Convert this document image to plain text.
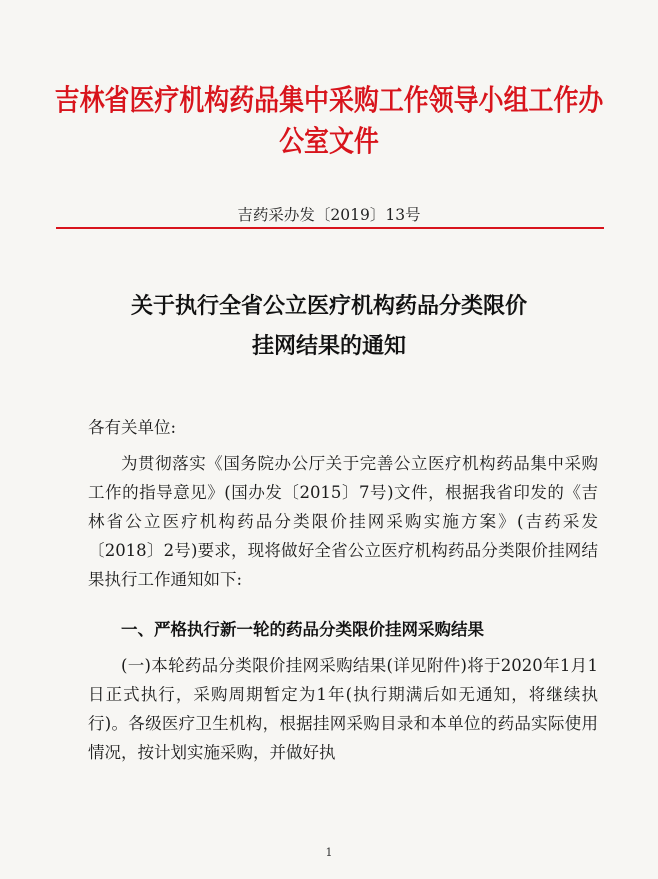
吉林省医疗机构药品集中采购工作领导小组工作办公室文件
吉药采办发〔2019〕13号
关于执行全省公立医疗机构药品分类限价
挂网结果的通知
各有关单位:
为贯彻落实《国务院办公厅关于完善公立医疗机构药品集中采购工作的指导意见》(国办发〔2015〕7号)文件，根据我省印发的《吉林省公立医疗机构药品分类限价挂网采购实施方案》(吉药采发〔2018〕2号)要求，现将做好全省公立医疗机构药品分类限价挂网结果执行工作通知如下:
一、严格执行新一轮的药品分类限价挂网采购结果
(一)本轮药品分类限价挂网采购结果(详见附件)将于2020年1月1日正式执行，采购周期暂定为1年(执行期满后如无通知，将继续执行)。各级医疗卫生机构，根据挂网采购目录和本单位的药品实际使用情况，按计划实施采购，并做好执
1
